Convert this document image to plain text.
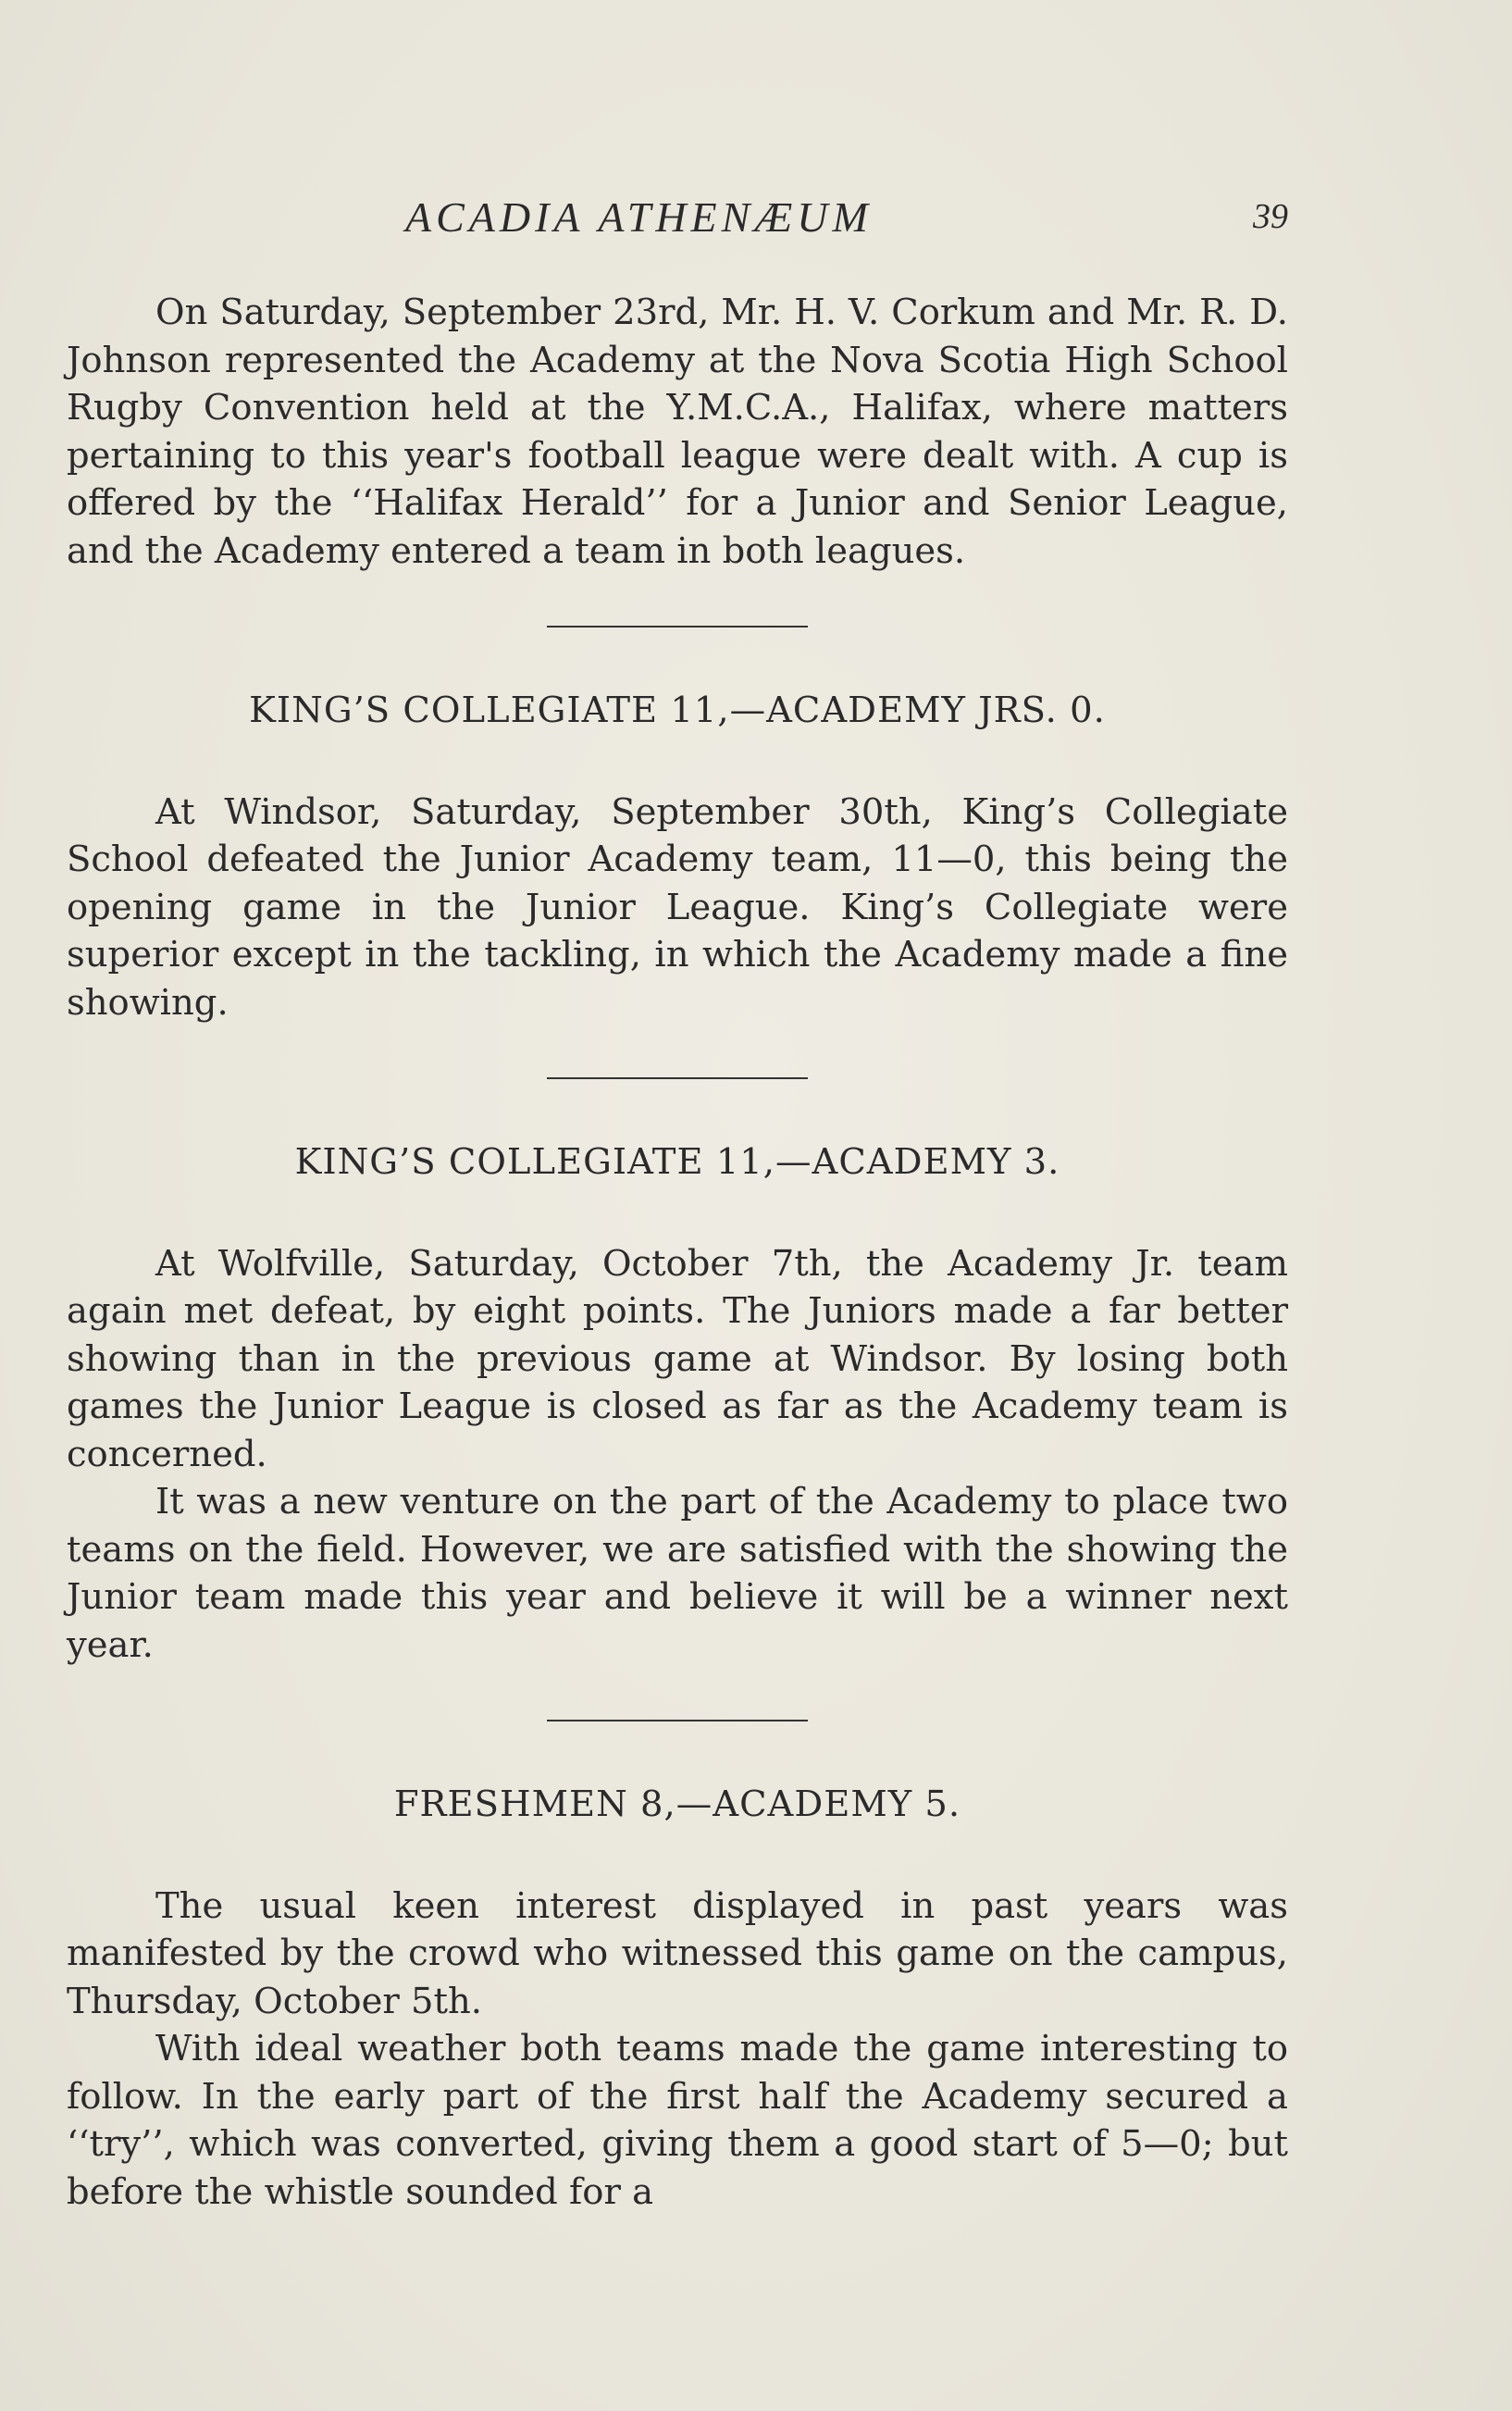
ACADIA ATHENÆUM	39

On Saturday, September 23rd, Mr. H. V. Corkum and Mr. R. D. Johnson represented the Academy at the Nova Scotia High School Rugby Convention held at the Y.M.C.A., Halifax, where matters pertaining to this year's football league were dealt with. A cup is offered by the ‘‘Halifax Herald’’ for a Junior and Senior League, and the Academy entered a team in both leagues.

KING’S COLLEGIATE 11,—ACADEMY JRS. 0.

At Windsor, Saturday, September 30th, King’s Collegiate School defeated the Junior Academy team, 11—0, this being the opening game in the Junior League. King’s Collegiate were superior except in the tackling, in which the Academy made a fine showing.

KING’S COLLEGIATE 11,—ACADEMY 3.

At Wolfville, Saturday, October 7th, the Academy Jr. team again met defeat, by eight points. The Juniors made a far better showing than in the previous game at Windsor. By losing both games the Junior League is closed as far as the Academy team is concerned.

It was a new venture on the part of the Academy to place two teams on the field. However, we are satisfied with the showing the Junior team made this year and believe it will be a winner next year.

FRESHMEN 8,—ACADEMY 5.

The usual keen interest displayed in past years was manifested by the crowd who witnessed this game on the campus, Thursday, October 5th.

With ideal weather both teams made the game interesting to follow. In the early part of the first half the Academy secured a ‘‘try’’, which was converted, giving them a good start of 5—0; but before the whistle sounded for a
